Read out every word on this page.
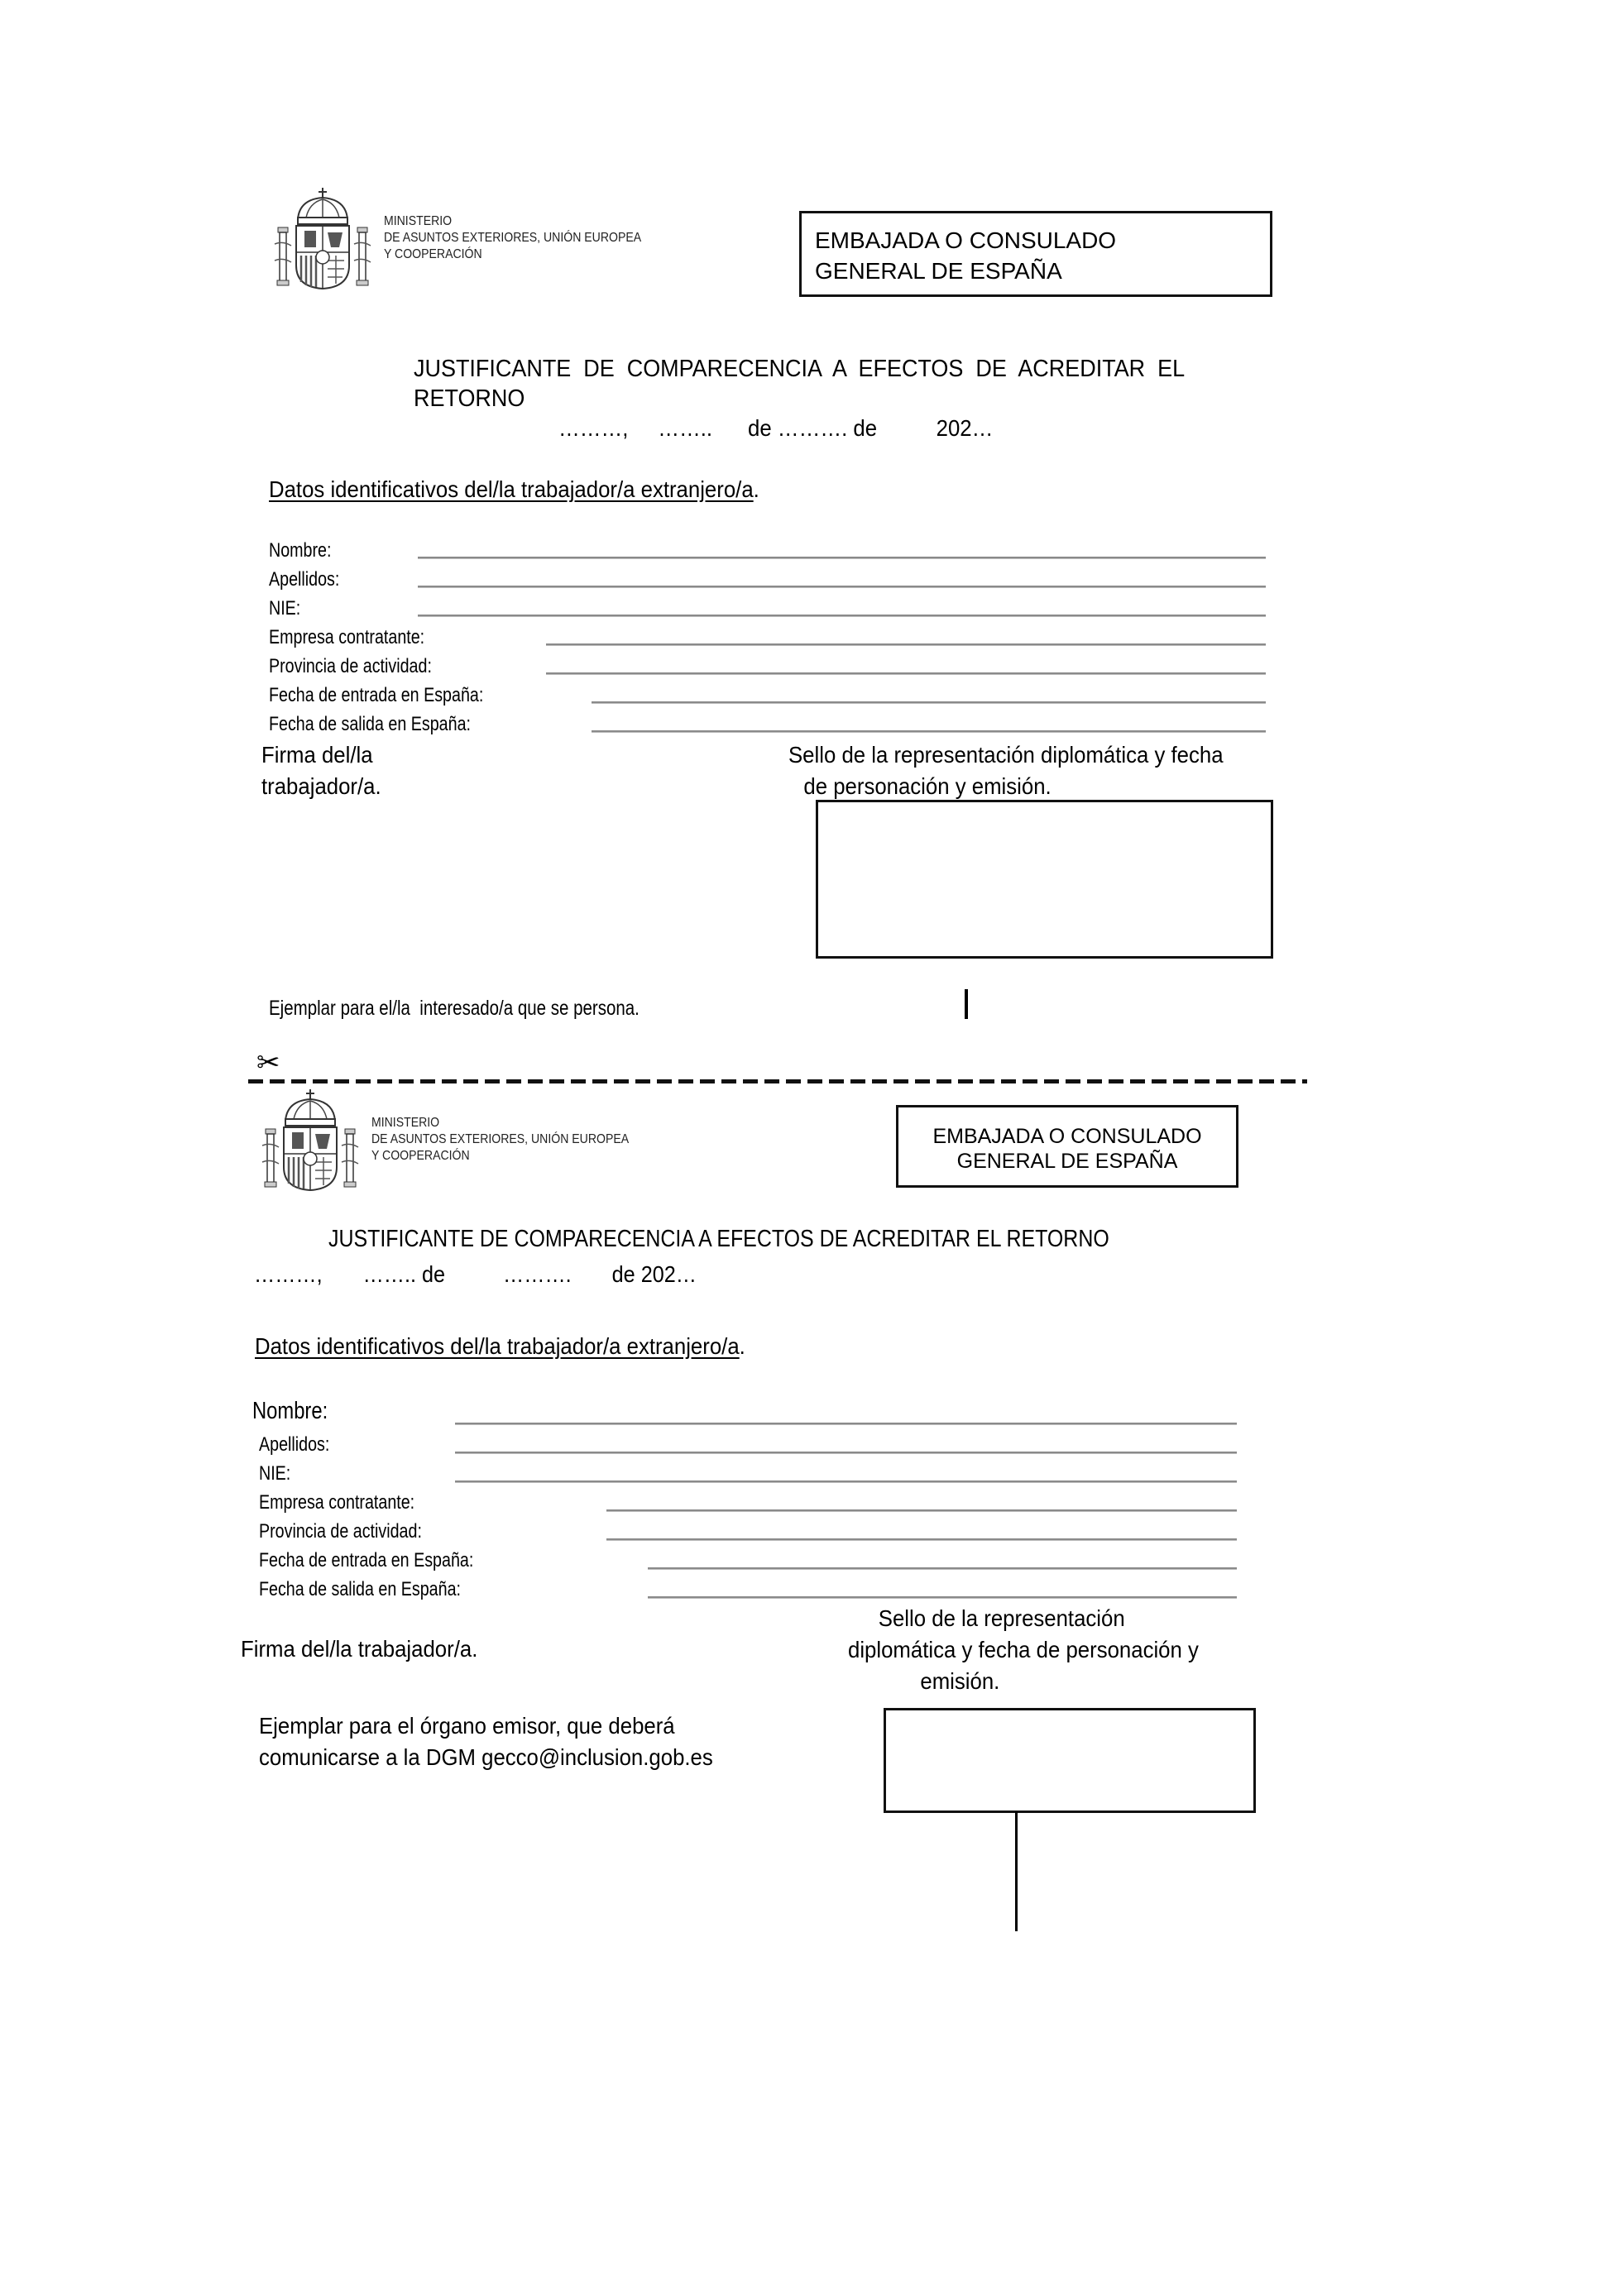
MINISTERIO
DE ASUNTOS EXTERIORES, UNIÓN EUROPEA
Y COOPERACIÓN
EMBAJADA O CONSULADO
GENERAL DE ESPAÑA
JUSTIFICANTE  DE  COMPARECENCIA  A  EFECTOS  DE  ACREDITAR  EL
RETORNO
………,     ……..      de ………. de          202…
Datos identificativos del/la trabajador/a extranjero/a.
Nombre:
Apellidos:
NIE:
Empresa contratante:
Provincia de actividad:
Fecha de entrada en España:
Fecha de salida en España:
Firma del/la
trabajador/a.
Sello de la representación diplomática y fecha
de personación y emisión.
Ejemplar para el/la  interesado/a que se persona.
✂
MINISTERIO
DE ASUNTOS EXTERIORES, UNIÓN EUROPEA
Y COOPERACIÓN
EMBAJADA O CONSULADO
GENERAL DE ESPAÑA
JUSTIFICANTE DE COMPARECENCIA A EFECTOS DE ACREDITAR EL RETORNO
………,       …….. de          ……….       de 202…
Datos identificativos del/la trabajador/a extranjero/a.
Nombre:
Apellidos:
NIE:
Empresa contratante:
Provincia de actividad:
Fecha de entrada en España:
Fecha de salida en España:
Firma del/la trabajador/a.
Sello de la representación
diplomática y fecha de personación y
emisión.
Ejemplar para el órgano emisor, que deberá
comunicarse a la DGM gecco@inclusion.gob.es
